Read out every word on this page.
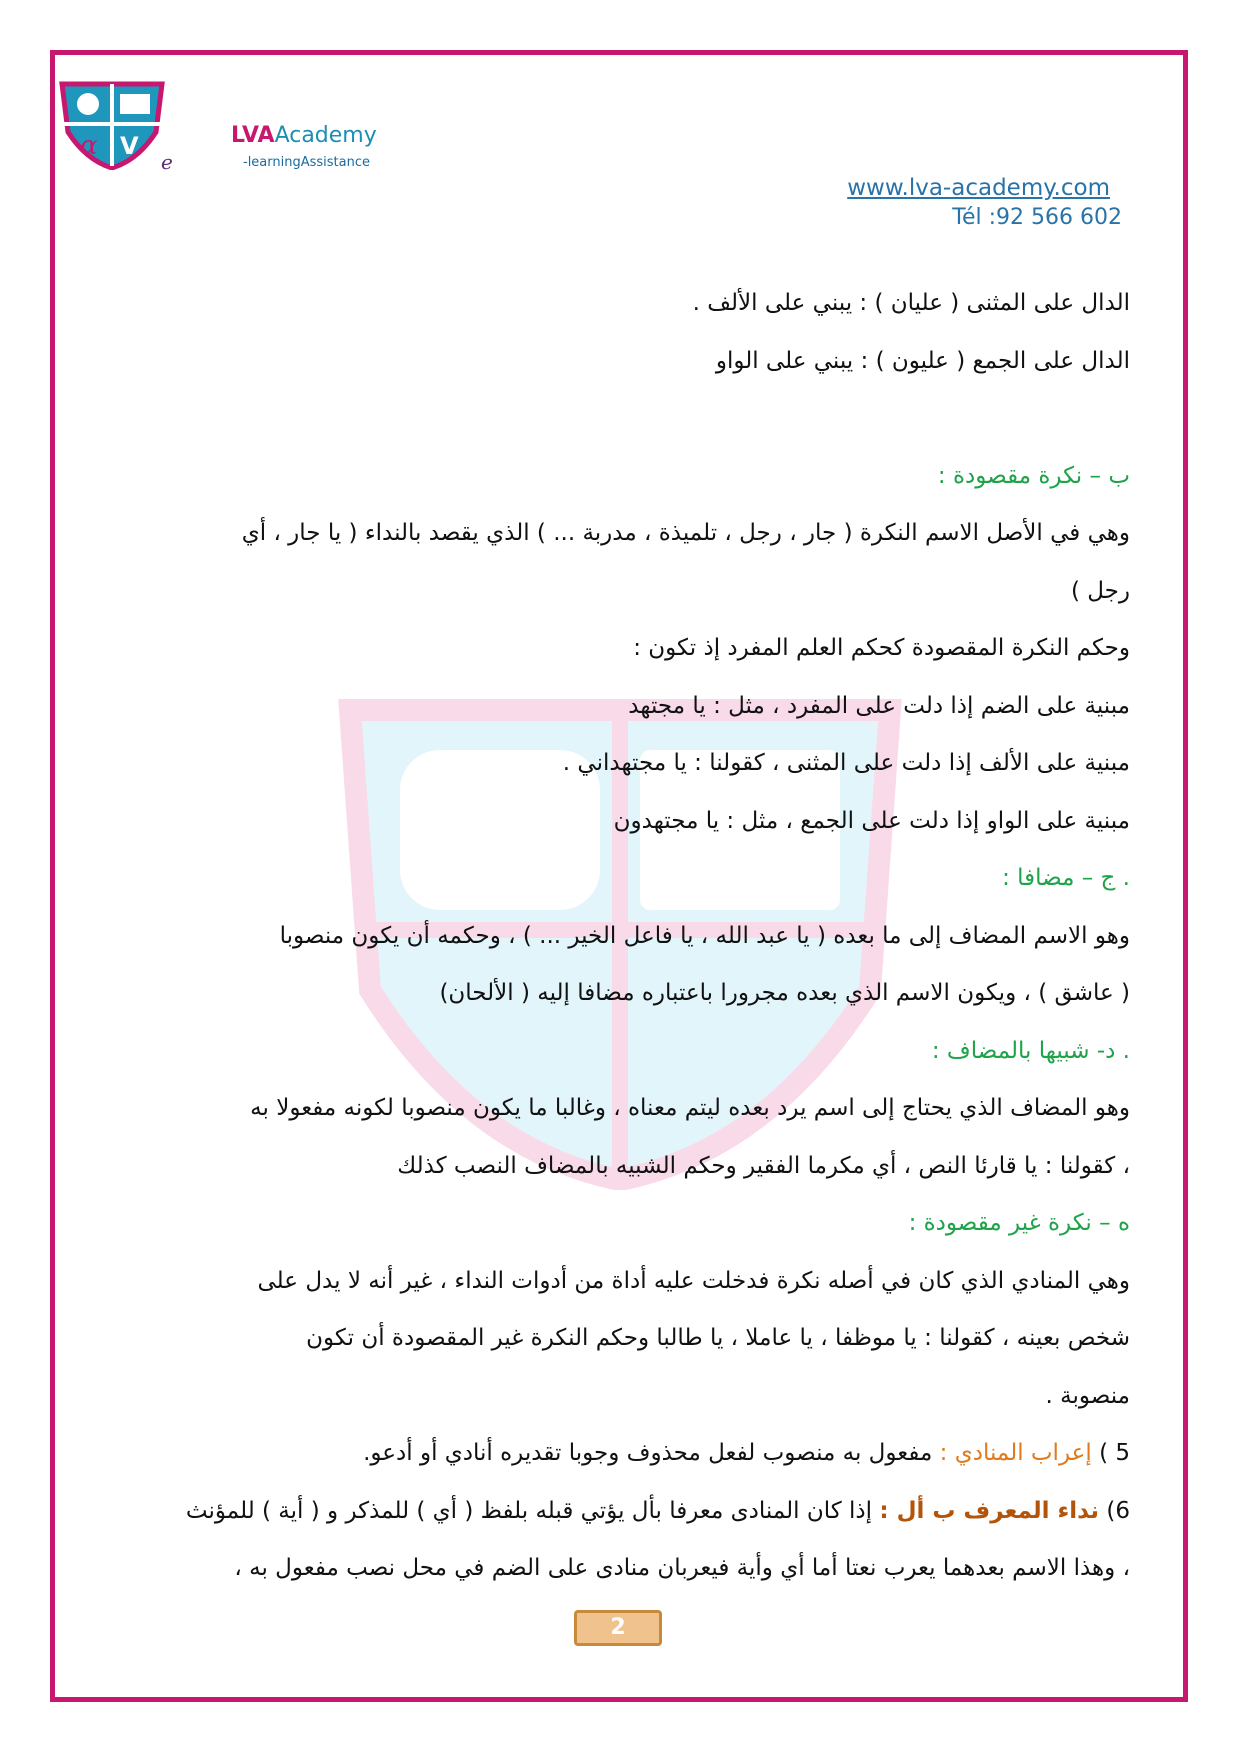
α V
e
LVAAcademy
-learningAssistance
www.lva-academy.com
Tél :92 566 602

الدال على المثنى ( عليان ) : يبني على الألف .

الدال على الجمع ( عليون ) : يبني على الواو

ب – نكرة مقصودة :

وهي في الأصل الاسم النكرة ( جار ، رجل ، تلميذة ، مدربة ... ) الذي يقصد بالنداء ( يا جار ، أي

رجل )

وحكم النكرة المقصودة كحكم العلم المفرد إذ تكون :

مبنية على الضم إذا دلت على المفرد ، مثل : يا مجتهد

مبنية على الألف إذا دلت على المثنى ، كقولنا : يا مجتهداني .

مبنية على الواو إذا دلت على الجمع ، مثل : يا مجتهدون

. ج – مضافا :

وهو الاسم المضاف إلى ما بعده ( يا عبد الله ، يا فاعل الخير ... ) ، وحكمه أن يكون منصوبا

( عاشق ) ، ويكون الاسم الذي بعده مجرورا باعتباره مضافا إليه ( الألحان)

. د- شبيها بالمضاف :

وهو المضاف الذي يحتاج إلى اسم يرد بعده ليتم معناه ، وغالبا ما يكون منصوبا لكونه مفعولا به

، كقولنا : يا قارئا النص ، أي مكرما الفقير وحكم الشبيه بالمضاف النصب كذلك

ه – نكرة غير مقصودة :

وهي المنادي الذي كان في أصله نكرة فدخلت عليه أداة من أدوات النداء ، غير أنه لا يدل على

شخص بعينه ، كقولنا : يا موظفا ، يا عاملا ، يا طالبا وحكم النكرة غير المقصودة أن تكون

منصوبة .

5 ) إعراب المنادي : مفعول به منصوب لفعل محذوف وجوبا تقديره أنادي أو أدعو.

6) نداء المعرف ب أل : إذا كان المنادى معرفا بأل يؤتي قبله بلفظ ( أي ) للمذكر و ( أية ) للمؤنث

، وهذا الاسم بعدهما يعرب نعتا أما أي وأية فيعربان منادى على الضم في محل نصب مفعول به ،

2
